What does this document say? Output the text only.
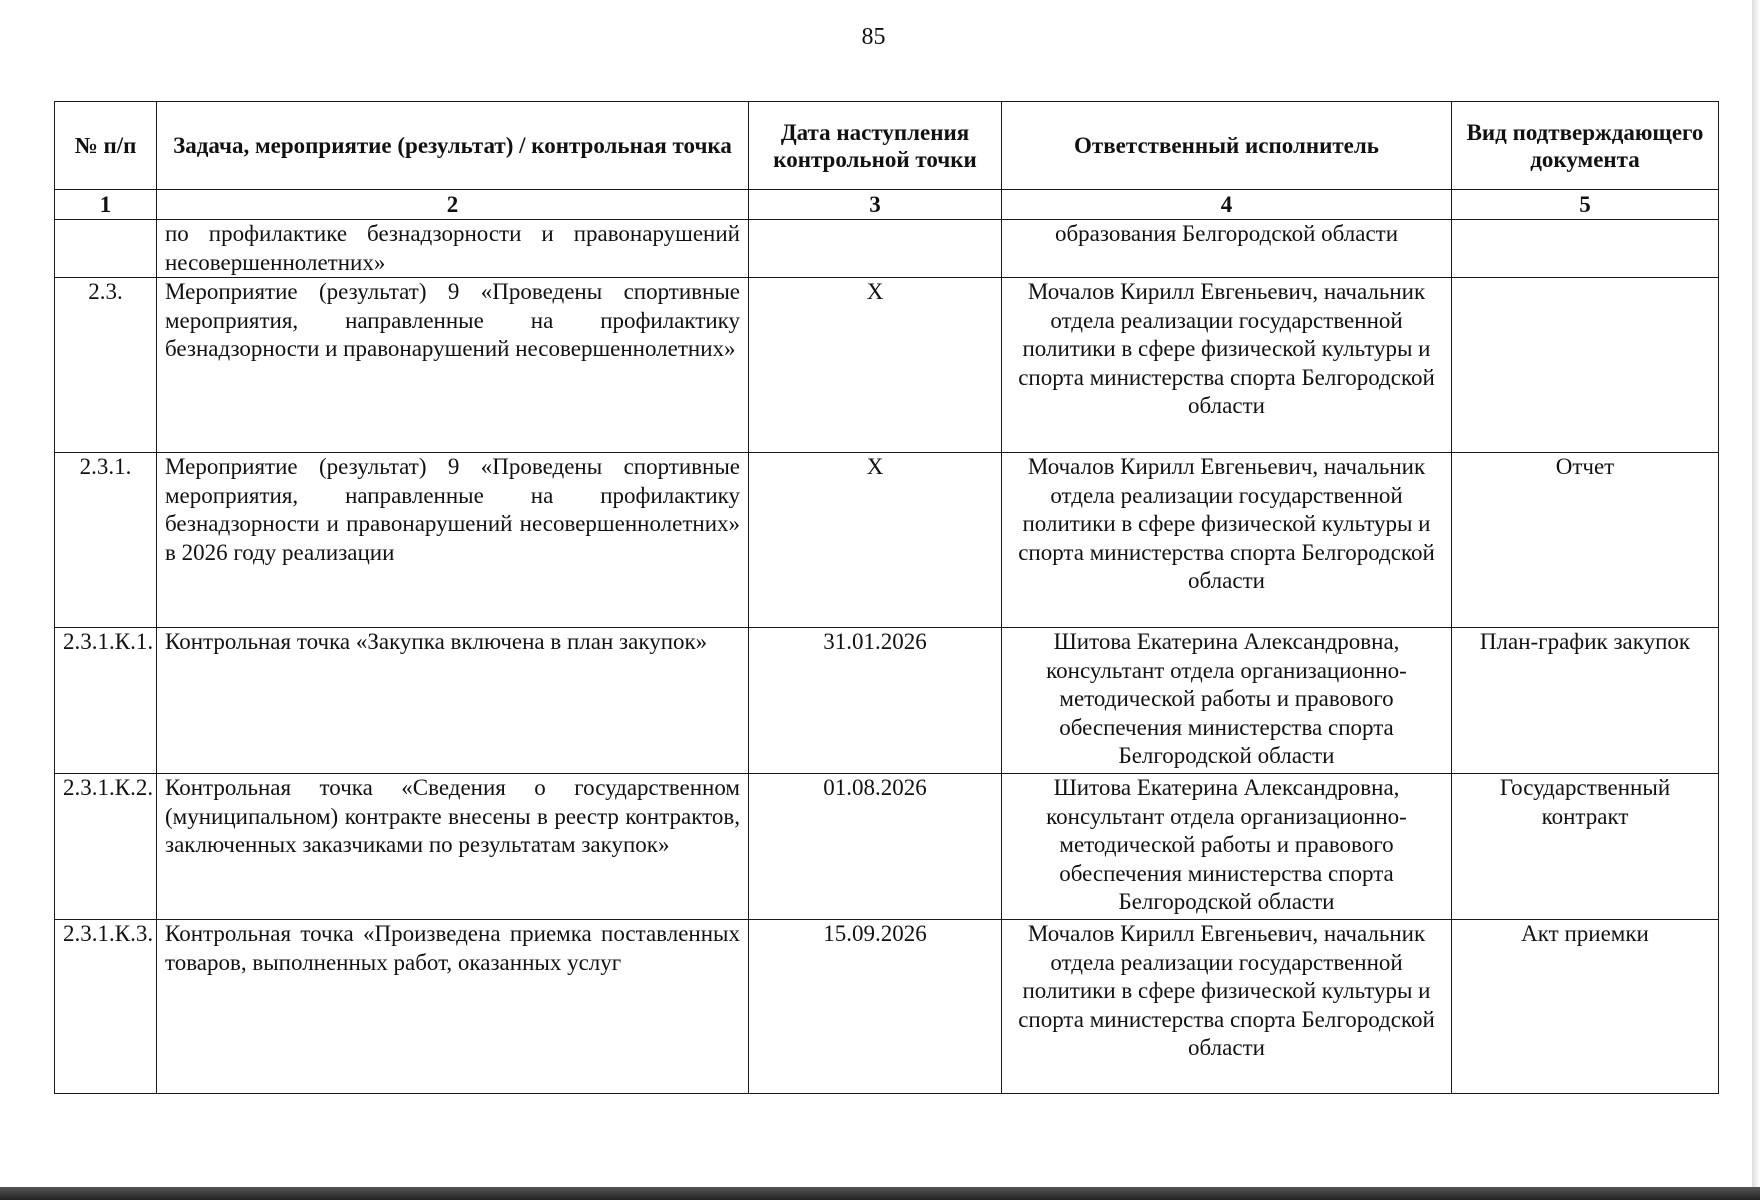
85
№ п/п	Задача, мероприятие (результат) / контрольная точка	Дата наступления контрольной точки	Ответственный исполнитель	Вид подтверждающего документа
1	2	3	4	5
	по профилактике безнадзорности и правонарушений несовершеннолетних»		образования Белгородской области	
2.3.	Мероприятие (результат) 9 «Проведены спортивные мероприятия, направленные на профилактику безнадзорности и правонарушений несовершеннолетних»	X	Мочалов Кирилл Евгеньевич, начальник отдела реализации государственной политики в сфере физической культуры и спорта министерства спорта Белгородской области	
2.3.1.	Мероприятие (результат) 9 «Проведены спортивные мероприятия, направленные на профилактику безнадзорности и правонарушений несовершеннолетних» в 2026 году реализации	X	Мочалов Кирилл Евгеньевич, начальник отдела реализации государственной политики в сфере физической культуры и спорта министерства спорта Белгородской области	Отчет
2.3.1.К.1.	Контрольная точка «Закупка включена в план закупок»	31.01.2026	Шитова Екатерина Александровна, консультант отдела организационно-методической работы и правового обеспечения министерства спорта Белгородской области	План-график закупок
2.3.1.К.2.	Контрольная точка «Сведения о государственном (муниципальном) контракте внесены в реестр контрактов, заключенных заказчиками по результатам закупок»	01.08.2026	Шитова Екатерина Александровна, консультант отдела организационно-методической работы и правового обеспечения министерства спорта Белгородской области	Государственный контракт
2.3.1.К.3.	Контрольная точка «Произведена приемка поставленных товаров, выполненных работ, оказанных услуг	15.09.2026	Мочалов Кирилл Евгеньевич, начальник отдела реализации государственной политики в сфере физической культуры и спорта министерства спорта Белгородской области	Акт приемки
